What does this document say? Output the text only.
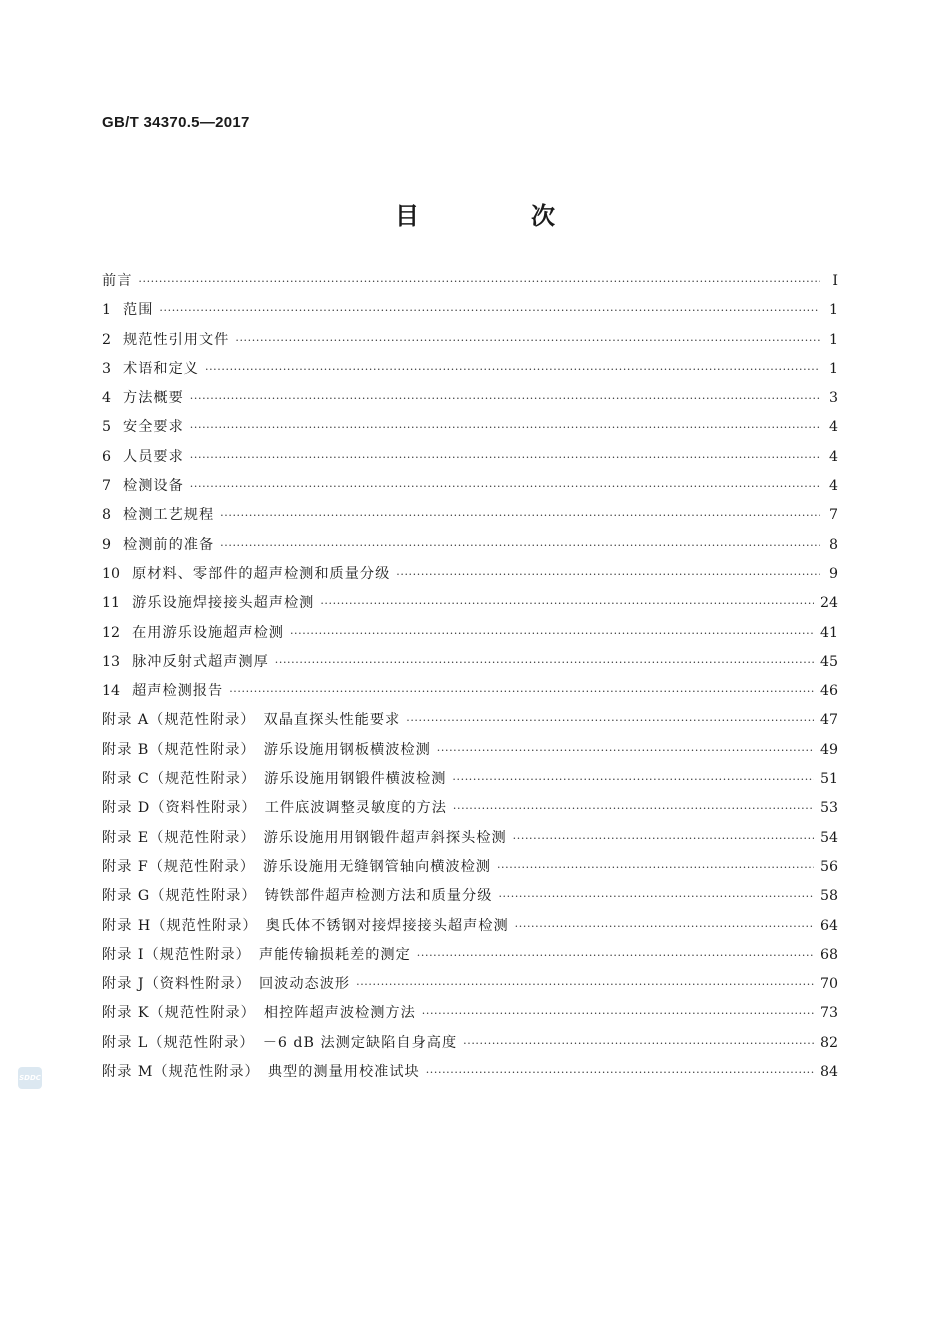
GB/T 34370.5—2017
目　次
前言 ·····	Ⅰ
1 范围 ·····	1
2 规范性引用文件 ·····	1
3 术语和定义 ·····	1
4 方法概要 ·····	3
5 安全要求 ·····	4
6 人员要求 ·····	4
7 检测设备 ·····	4
8 检测工艺规程 ·····	7
9 检测前的准备 ·····	8
10 原材料、零部件的超声检测和质量分级 ·····	9
11 游乐设施焊接接头超声检测 ·····	24
12 在用游乐设施超声检测 ·····	41
13 脉冲反射式超声测厚 ·····	45
14 超声检测报告 ·····	46
附录 A（规范性附录）　双晶直探头性能要求 ·····	47
附录 B（规范性附录）　游乐设施用钢板横波检测 ·····	49
附录 C（规范性附录）　游乐设施用钢锻件横波检测 ·····	51
附录 D（资料性附录）　工件底波调整灵敏度的方法 ·····	53
附录 E（规范性附录）　游乐设施用用钢锻件超声斜探头检测 ·····	54
附录 F（规范性附录）　游乐设施用无缝钢管轴向横波检测 ·····	56
附录 G（规范性附录）　铸铁部件超声检测方法和质量分级 ·····	58
附录 H（规范性附录）　奥氏体不锈钢对接焊接接头超声检测 ·····	64
附录 I（规范性附录）　声能传输损耗差的测定 ·····	68
附录 J（资料性附录）　回波动态波形 ·····	70
附录 K（规范性附录）　相控阵超声波检测方法 ·····	73
附录 L（规范性附录）　－6 dB 法测定缺陷自身高度 ·····	82
附录 M（规范性附录）　典型的测量用校准试块 ·····	84
SDDC
